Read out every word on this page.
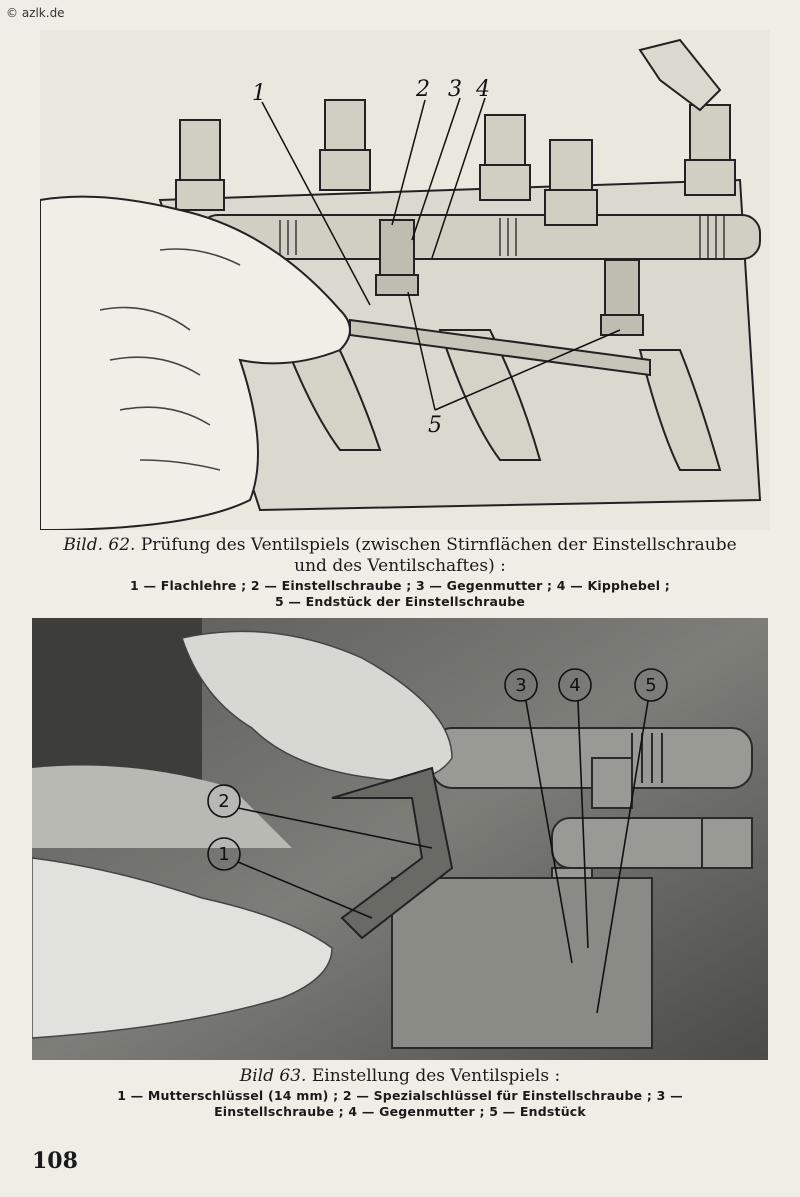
© azlk.de

1	2 3 4
5
Bild. 62. Prüfung des Ventilspiels (zwischen Stirnflächen der Einstellschraube und des Ventilschaftes) :
1 — Flachlehre ; 2 — Einstellschraube ; 3 — Gegenmutter ; 4 — Kipphebel ;
5 — Endstück der Einstellschraube
1
2
3 4	5
Bild 63. Einstellung des Ventilspiels :
1 — Mutterschlüssel (14 mm) ; 2 — Spezialschlüssel für Einstellschraube ; 3 —
Einstellschraube ; 4 — Gegenmutter ; 5 — Endstück
108
